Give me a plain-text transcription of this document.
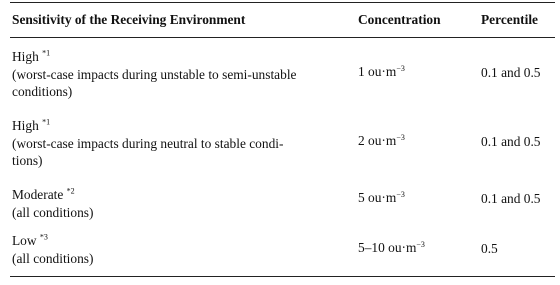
Sensitivity of the Receiving Environment	Concentration	Percentile

High $^{*1}$
(worst-case impacts during unstable to semi-unstable
conditions)	1 $ou\cdot m^{-3}$	0.1 and 0.5

High $^{*1}$
(worst-case impacts during neutral to stable condi-
tions)	2 $ou\cdot m^{-3}$	0.1 and 0.5

Moderate $^{*2}$
(all conditions)	5 $ou\cdot m^{-3}$	0.1 and 0.5

Low $^{*3}$
(all conditions)	5–10 $ou\cdot m^{-3}$	0.5
